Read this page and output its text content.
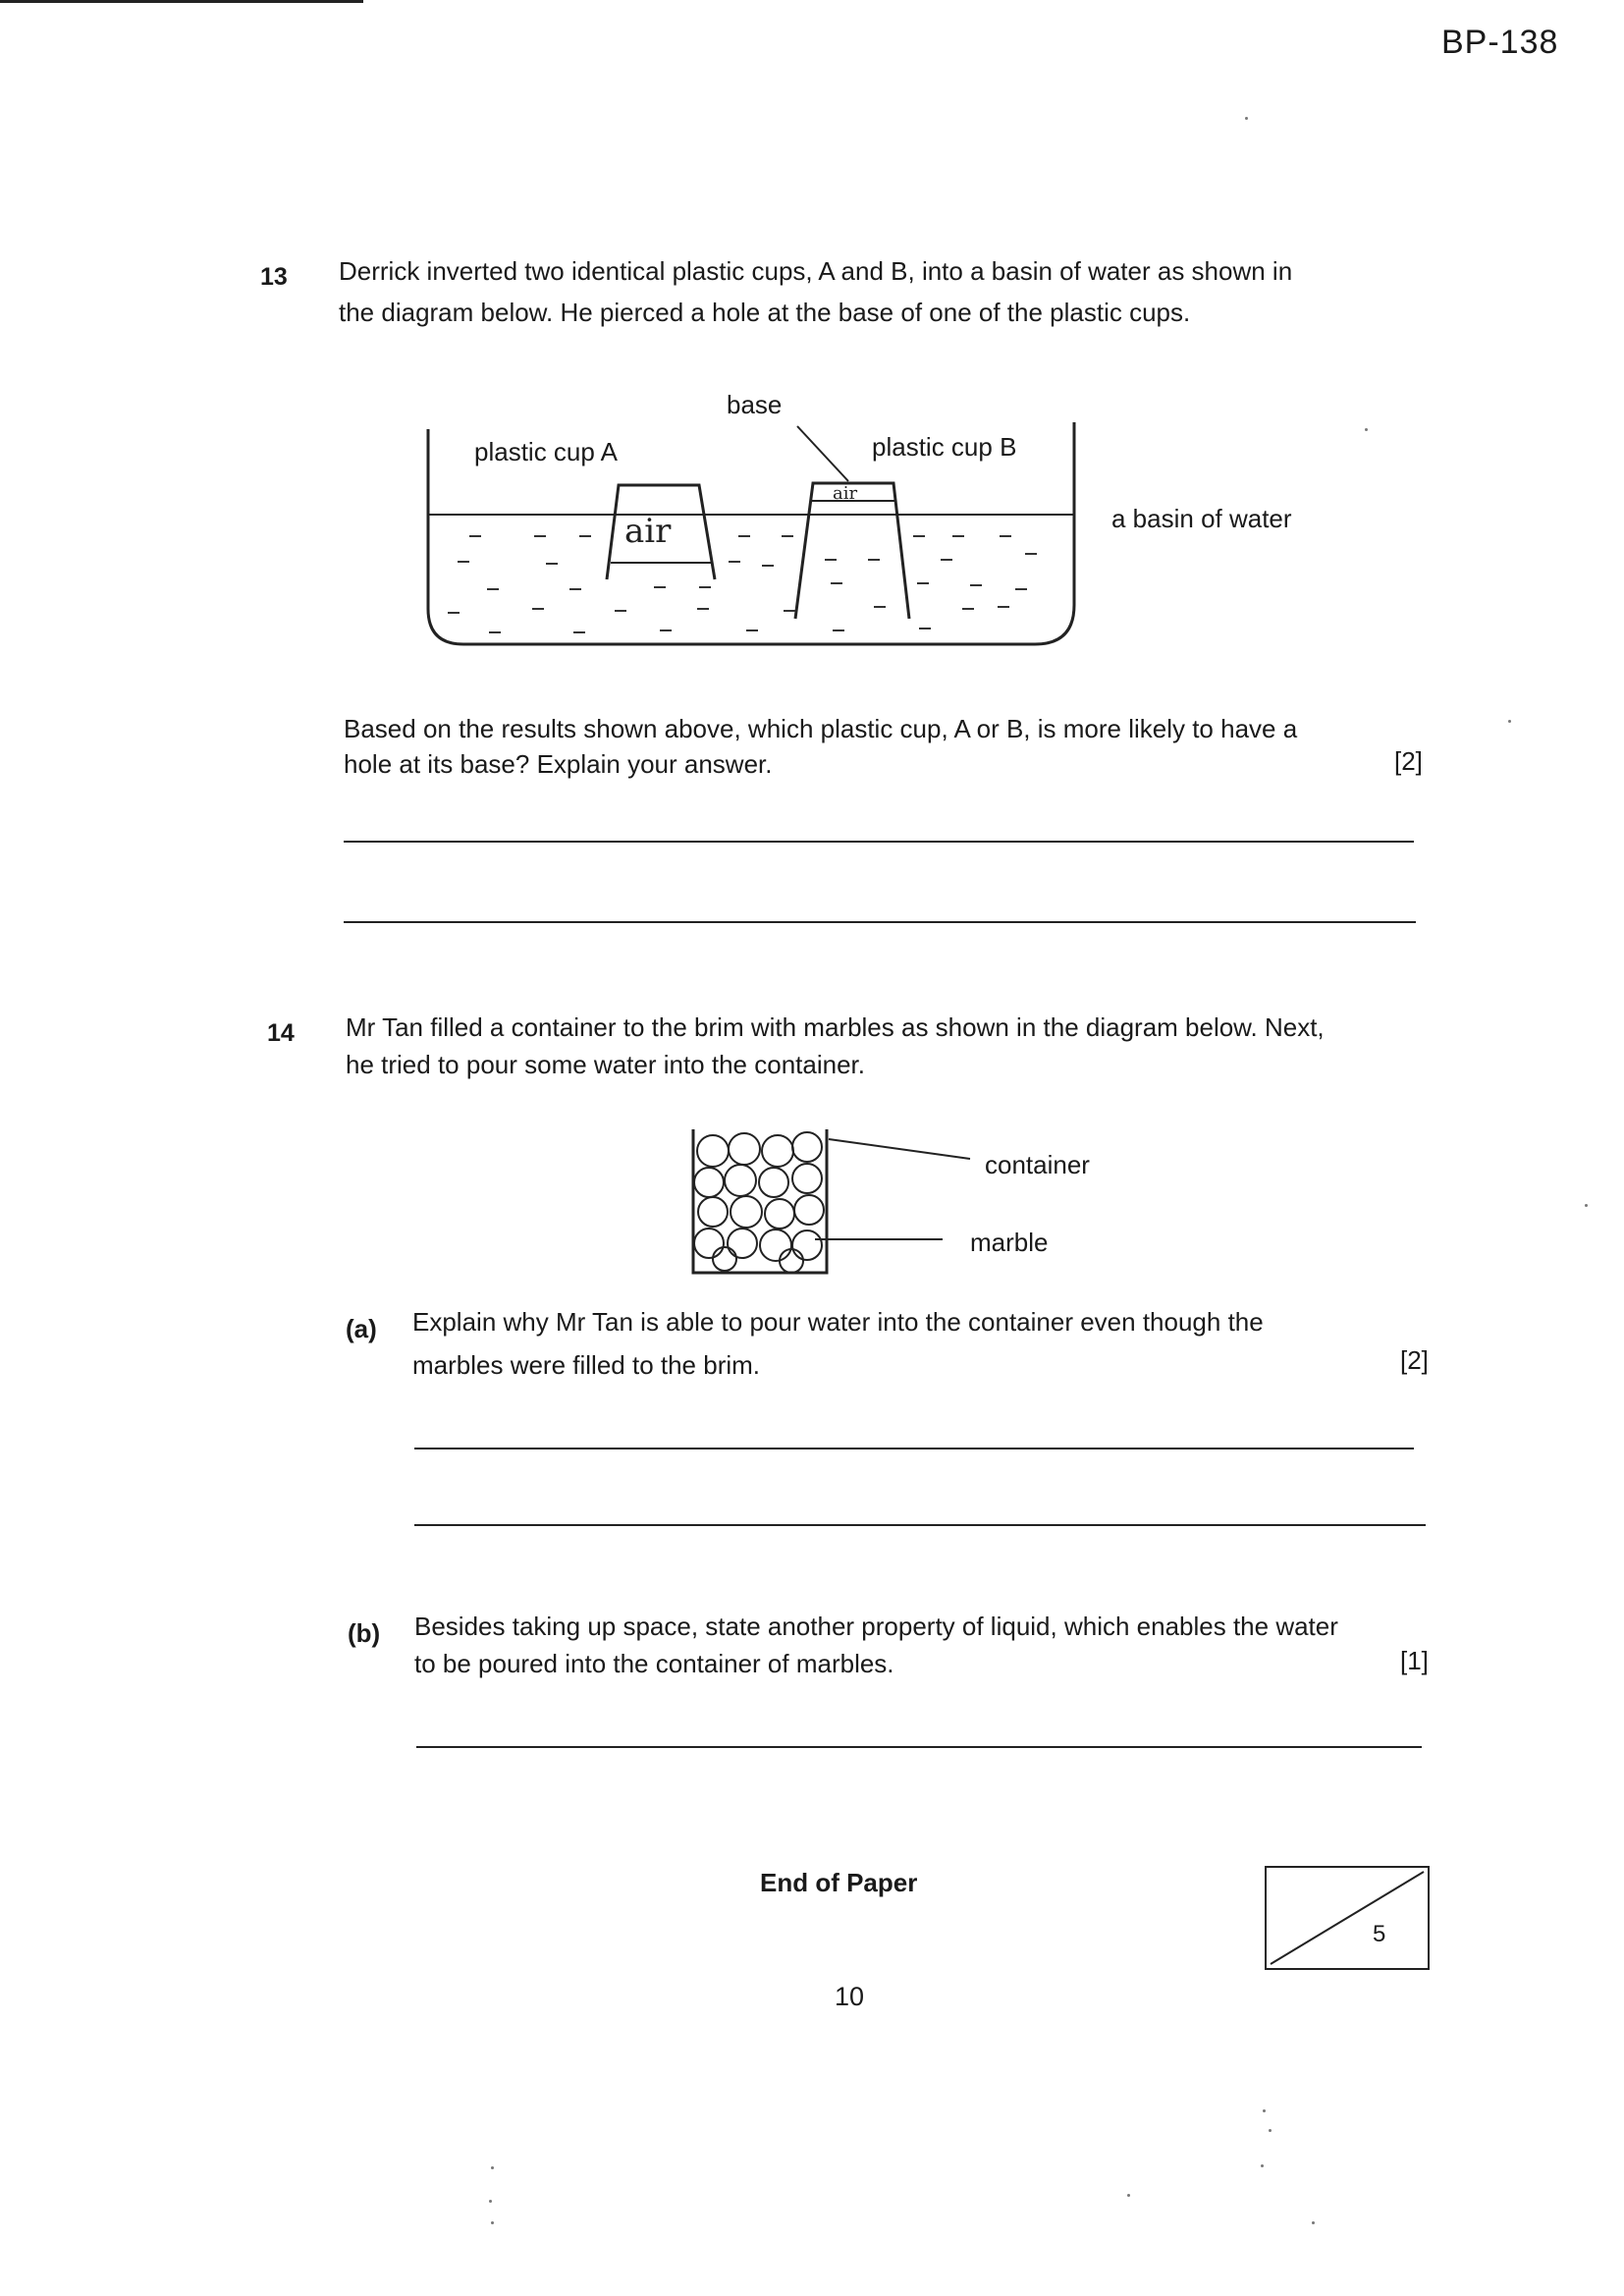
BP-138
13 Derrick inverted two identical plastic cups, A and B, into a basin of water as shown in
the diagram below. He pierced a hole at the base of one of the plastic cups.
air
air
base
plastic cup A	plastic cup B
a basin of water
Based on the results shown above, which plastic cup, A or B, is more likely to have a
hole at its base? Explain your answer.	[2]
14 Mr Tan filled a container to the brim with marbles as shown in the diagram below. Next,
he tried to pour some water into the container.
container
marble
(a) Explain why Mr Tan is able to pour water into the container even though the
marbles were filled to the brim.	[2]
(b) Besides taking up space, state another property of liquid, which enables the water
to be poured into the container of marbles.	[1]
End of Paper
5
10
